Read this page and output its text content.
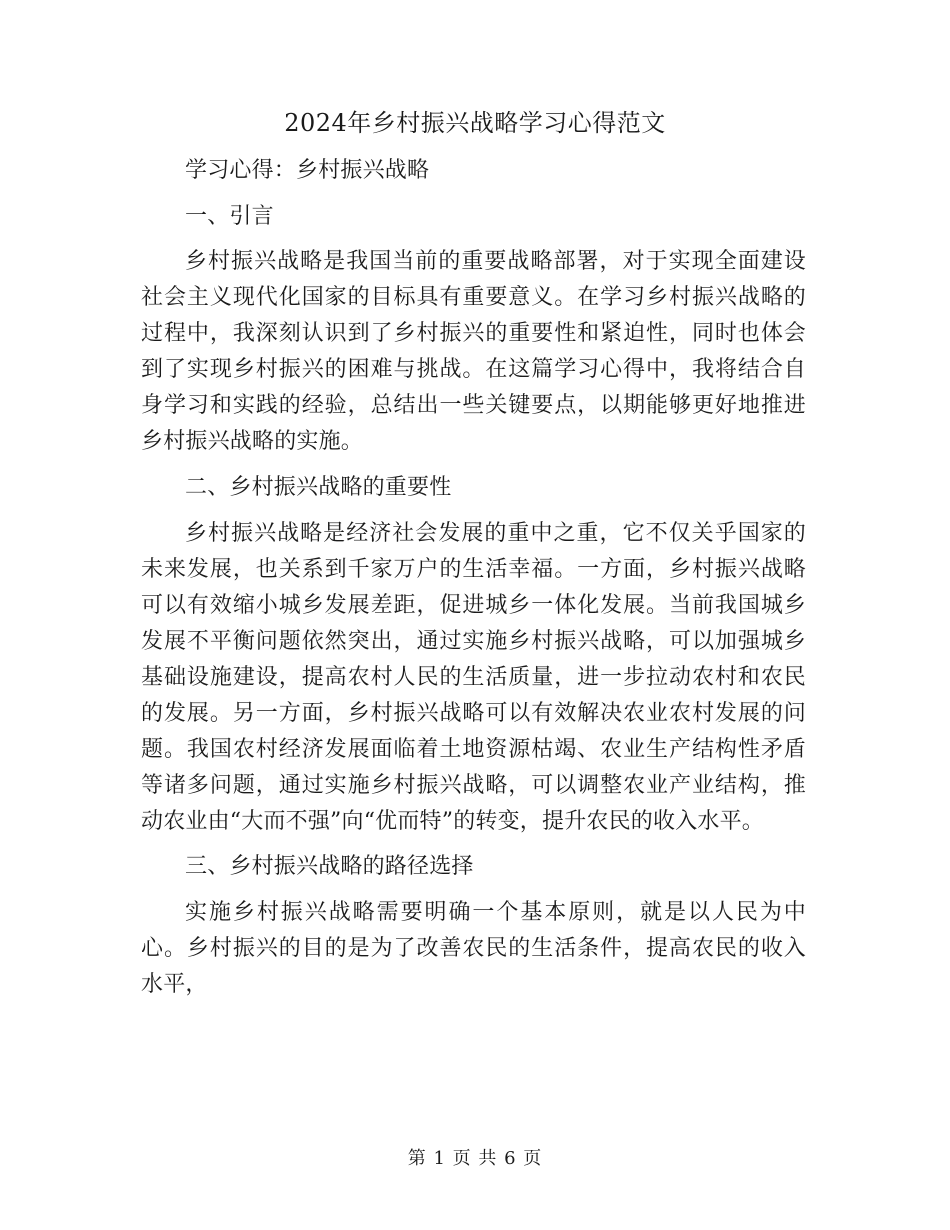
2024年乡村振兴战略学习心得范文

学习心得：乡村振兴战略

一、引言

乡村振兴战略是我国当前的重要战略部署，对于实现全面建设社会主义现代化国家的目标具有重要意义。在学习乡村振兴战略的过程中，我深刻认识到了乡村振兴的重要性和紧迫性，同时也体会到了实现乡村振兴的困难与挑战。在这篇学习心得中，我将结合自身学习和实践的经验，总结出一些关键要点，以期能够更好地推进乡村振兴战略的实施。

二、乡村振兴战略的重要性

乡村振兴战略是经济社会发展的重中之重，它不仅关乎国家的未来发展，也关系到千家万户的生活幸福。一方面，乡村振兴战略可以有效缩小城乡发展差距，促进城乡一体化发展。当前我国城乡发展不平衡问题依然突出，通过实施乡村振兴战略，可以加强城乡基础设施建设，提高农村人民的生活质量，进一步拉动农村和农民的发展。另一方面，乡村振兴战略可以有效解决农业农村发展的问题。我国农村经济发展面临着土地资源枯竭、农业生产结构性矛盾等诸多问题，通过实施乡村振兴战略，可以调整农业产业结构，推动农业由“大而不强”向“优而特”的转变，提升农民的收入水平。

三、乡村振兴战略的路径选择

实施乡村振兴战略需要明确一个基本原则，就是以人民为中心。乡村振兴的目的是为了改善农民的生活条件，提高农民的收入水平，

第 1 页 共 6 页
